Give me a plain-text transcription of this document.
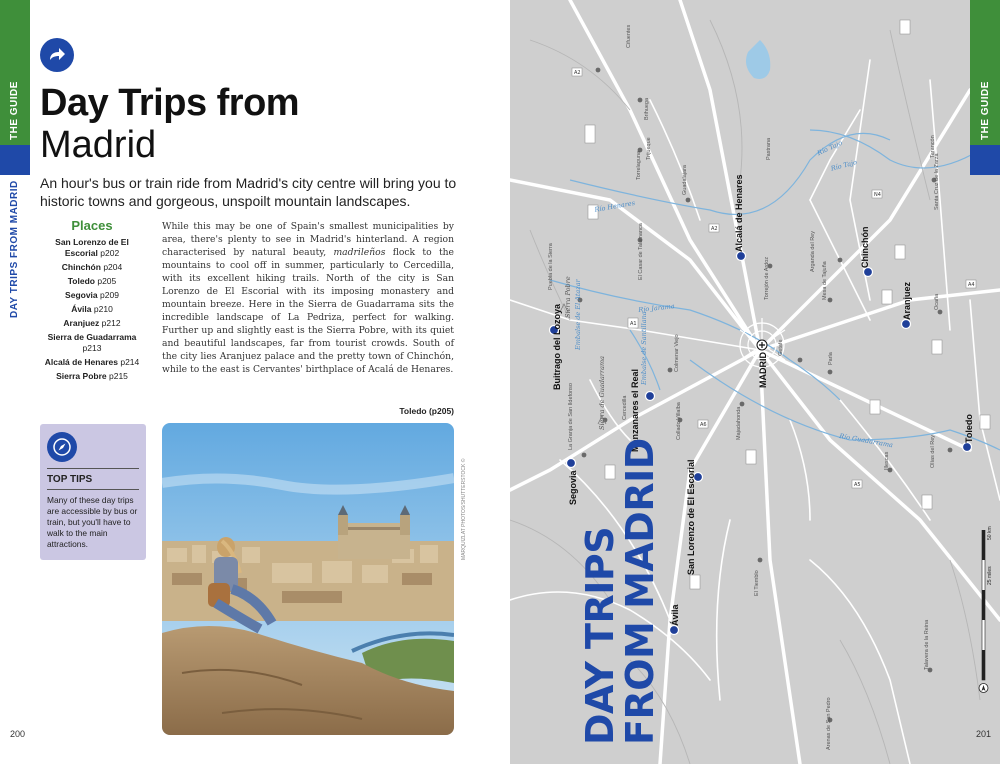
THE GUIDE
DAY TRIPS FROM MADRID
Day Trips from
Madrid
An hour's bus or train ride from Madrid's city centre will bring you to historic towns and gorgeous, unspoilt mountain landscapes.
Places
San Lorenzo de El Escorial p202
Chinchón p204
Toledo p205
Segovia p209
Ávila p210
Aranjuez p212
Sierra de Guadarrama p213
Alcalá de Henares p214
Sierra Pobre p215
While this may be one of Spain's smallest municipalities by area, there's plenty to see in Madrid's hinterland. A region characterised by natural beauty, madrileños flock to the mountains to cool off in summer, particularly to Cercedilla, with its excellent hiking trails. North of the city is San Lorenzo de El Escorial with its imposing monastery and mountain breeze. Here in the Sierra de Guadarrama sits the incredible landscape of La Pedriza, perfect for walking. Further up and slightly east is the Sierra Pobre, with its quiet and beautiful landscapes, far from tourist crowds. South of the city lies Aranjuez palace and the pretty town of Chinchón, while to the east is Cervantes' birthplace of Acalá de Henares.
TOP TIPS
Many of these day trips are accessible by bus or train, but you'll have to walk to the main attractions.
Toledo (p205)
MARQUIZLAT PHOTOS/SHUTTERSTOCK ©
200
A2
A1
A2
A6
A5
A4
N4
Buitrago del Lozoya
Alcalá de Henares	Chinchón
Aranjuez
Manzanares el Real	MADRID
Segovia	San Lorenzo de El Escorial
Toledo
Ávila
Guadalajara
Torrejón de Ardoz
Arganda del Rey
Getafe
Parla
Colmenar Viejo
Collado Villalba	Majadahonda
Cercedilla
Tarancón
Ocaña
Illescas
Talavera de la Reina
Arenas de San Pedro
El Tiemblo
Torrelaguna
Cifuentes
Brihuega
Trijueque	Pastrana
Puebla de la Sierra	El Casar de Talamanca
La Granja de San Ildefonso
Santa Cruz de la Zarza
Mesa de Tajuña
Olías del Rey
Río Henares
Río Jarama
Río Guadarrama
Río Tajo
Río Tajo
Embalse de El Atazar	Embalse de Santillana
Sierra Pobre
Sierra de Guadarrama
DAY TRIPS
FROM MADRID
THE GUIDE
50 km
25 miles
201
